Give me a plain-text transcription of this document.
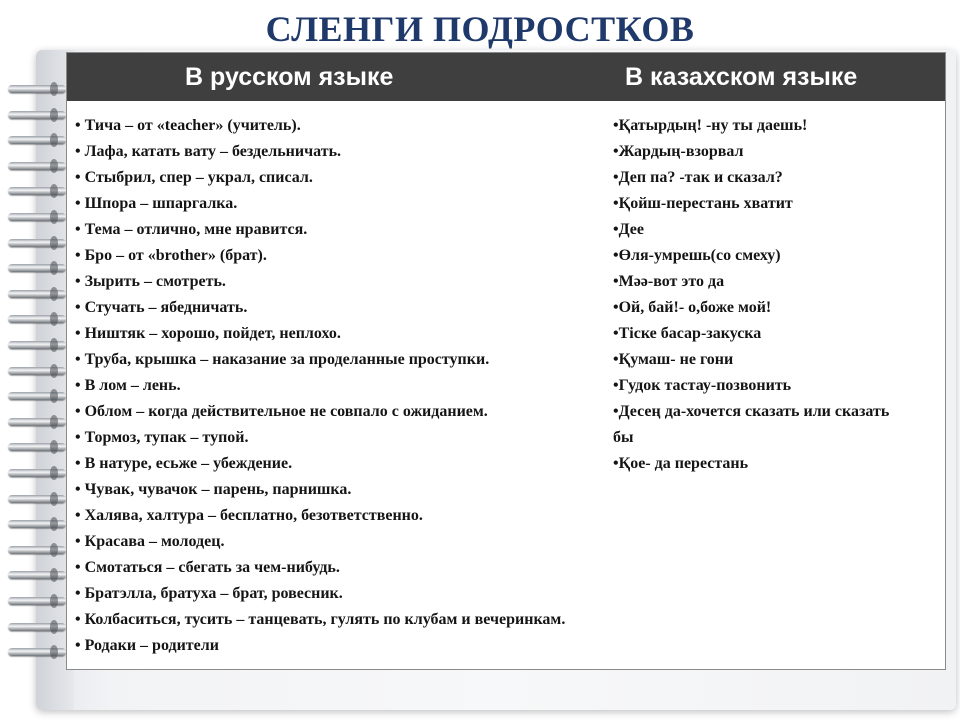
СЛЕНГИ ПОДРОСТКОВ
В русском языке	В казахском языке
• Тича – от «teacher» (учитель).
• Лафа, катать вату – бездельничать.
• Стыбрил, спер – украл, списал.
• Шпора – шпаргалка.
• Тема – отлично, мне нравится.
• Бро – от «brother» (брат).
• Зырить – смотреть.
• Стучать – ябедничать.
• Ништяк – хорошо, пойдет, неплохо.
• Труба, крышка – наказание за проделанные проступки.
• В лом – лень.
• Облом – когда действительное не совпало с ожиданием.
• Тормоз, тупак – тупой.
• В натуре, есьже – убеждение.
• Чувак, чувачок – парень, парнишка.
• Халява, халтура – бесплатно, безответственно.
• Красава – молодец.
• Смотаться – сбегать за чем-нибудь.
• Братэлла, братуха – брат, ровесник.
• Колбаситься, тусить – танцевать, гулять по клубам и вечеринкам.
• Родаки – родители
•Қатырдың! -ну ты даешь!
•Жардың-взорвал
•Деп па? -так и сказал?
•Қойш-перестань хватит
•Дее
•Өля-умрешь(со смеху)
•Мәә-вот это да
•Ой, бай!- о,боже мой!
•Тіске басар-закуска
•Қумаш- не гони
•Гудок тастау-позвонить
•Десең да-хочется сказать или сказать бы
•Қое- да перестань
